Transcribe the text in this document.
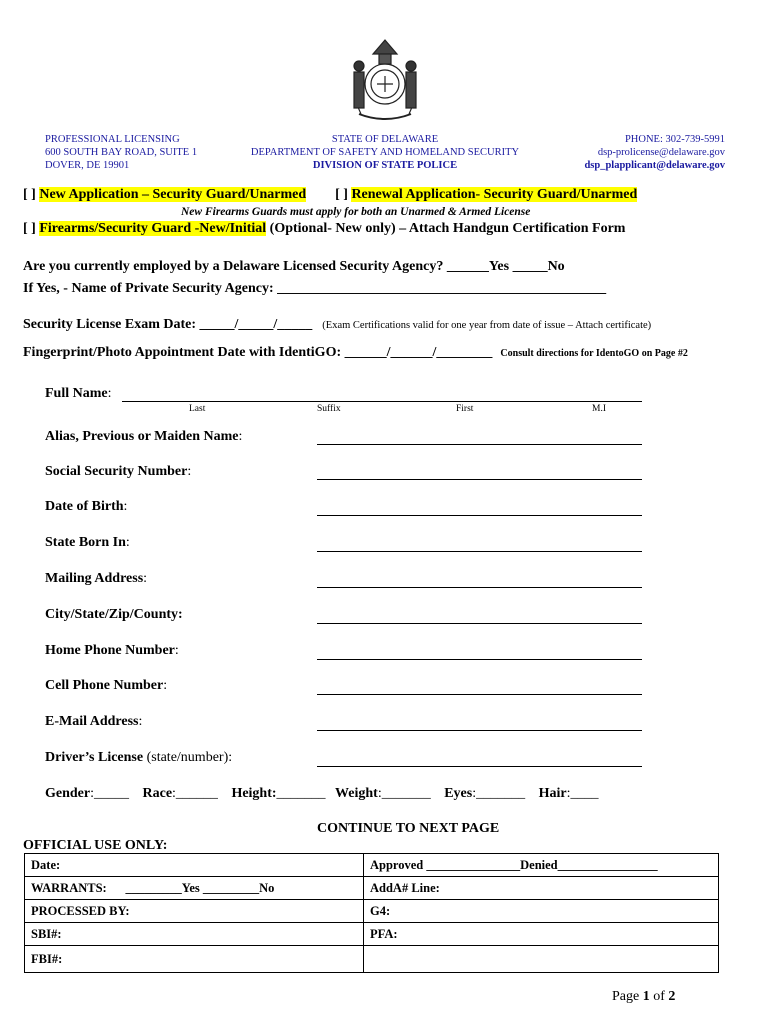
PROFESSIONAL LICENSING
600 SOUTH BAY ROAD, SUITE 1
DOVER, DE 19901
STATE OF DELAWARE
DEPARTMENT OF SAFETY AND HOMELAND SECURITY
DIVISION OF STATE POLICE
PHONE: 302-739-5991
dsp-prolicense@delaware.gov
dsp_plapplicant@delaware.gov
[ ] New Application – Security Guard/Unarmed [ ] Renewal Application- Security Guard/Unarmed
New Firearms Guards must apply for both an Unarmed & Armed License
[ ] Firearms/Security Guard -New/Initial (Optional- New only) – Attach Handgun Certification Form
Are you currently employed by a Delaware Licensed Security Agency? ______Yes _____No
If Yes, - Name of Private Security Agency: _______________________________________________
Security License Exam Date: _____/_____/_____ (Exam Certifications valid for one year from date of issue – Attach certificate)
Fingerprint/Photo Appointment Date with IdentiGO: ______/______/________ Consult directions for IdentoGO on Page #2
Full Name:
Last	Suffix	First	M.I
Alias, Previous or Maiden Name:
Social Security Number:
Date of Birth:
State Born In:
Mailing Address:
City/State/Zip/County:
Home Phone Number:
Cell Phone Number:
E-Mail Address:
Driver’s License (state/number):
Gender:_____ Race:______ Height:_______ Weight:_______ Eyes:_______ Hair:____
CONTINUE TO NEXT PAGE
OFFICIAL USE ONLY:
Date:	Approved _______________Denied________________
WARRANTS:      _________Yes _________No	AddA# Line:
PROCESSED BY:	G4:
SBI#:	PFA:
FBI#:	
Page 1 of 2
